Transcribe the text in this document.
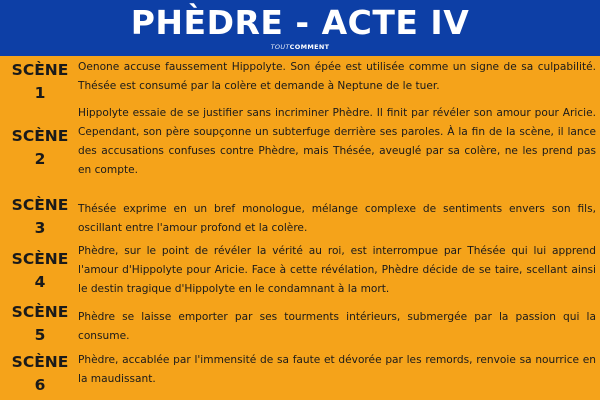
PHÈDRE - ACTE IV
TOUTCOMMENT
SCÈNE
1
Oenone accuse faussement Hippolyte. Son épée est utilisée comme un signe de sa culpabilité. Thésée est consumé par la colère et demande à Neptune de le tuer.
SCÈNE
2
Hippolyte essaie de se justifier sans incriminer Phèdre. Il finit par révéler son amour pour Aricie. Cependant, son père soupçonne un subterfuge derrière ses paroles. À la fin de la scène, il lance des accusations confuses contre Phèdre, mais Thésée, aveuglé par sa colère, ne les prend pas en compte.
SCÈNE
3
Thésée exprime en un bref monologue, mélange complexe de sentiments envers son fils, oscillant entre l'amour profond et la colère.
SCÈNE
4
Phèdre, sur le point de révéler la vérité au roi, est interrompue par Thésée qui lui apprend l'amour d'Hippolyte pour Aricie. Face à cette révélation, Phèdre décide de se taire, scellant ainsi le destin tragique d'Hippolyte en le condamnant à la mort.
SCÈNE
5
Phèdre se laisse emporter par ses tourments intérieurs, submergée par la passion qui la consume.
SCÈNE
6
Phèdre, accablée par l'immensité de sa faute et dévorée par les remords, renvoie sa nourrice en la maudissant.
